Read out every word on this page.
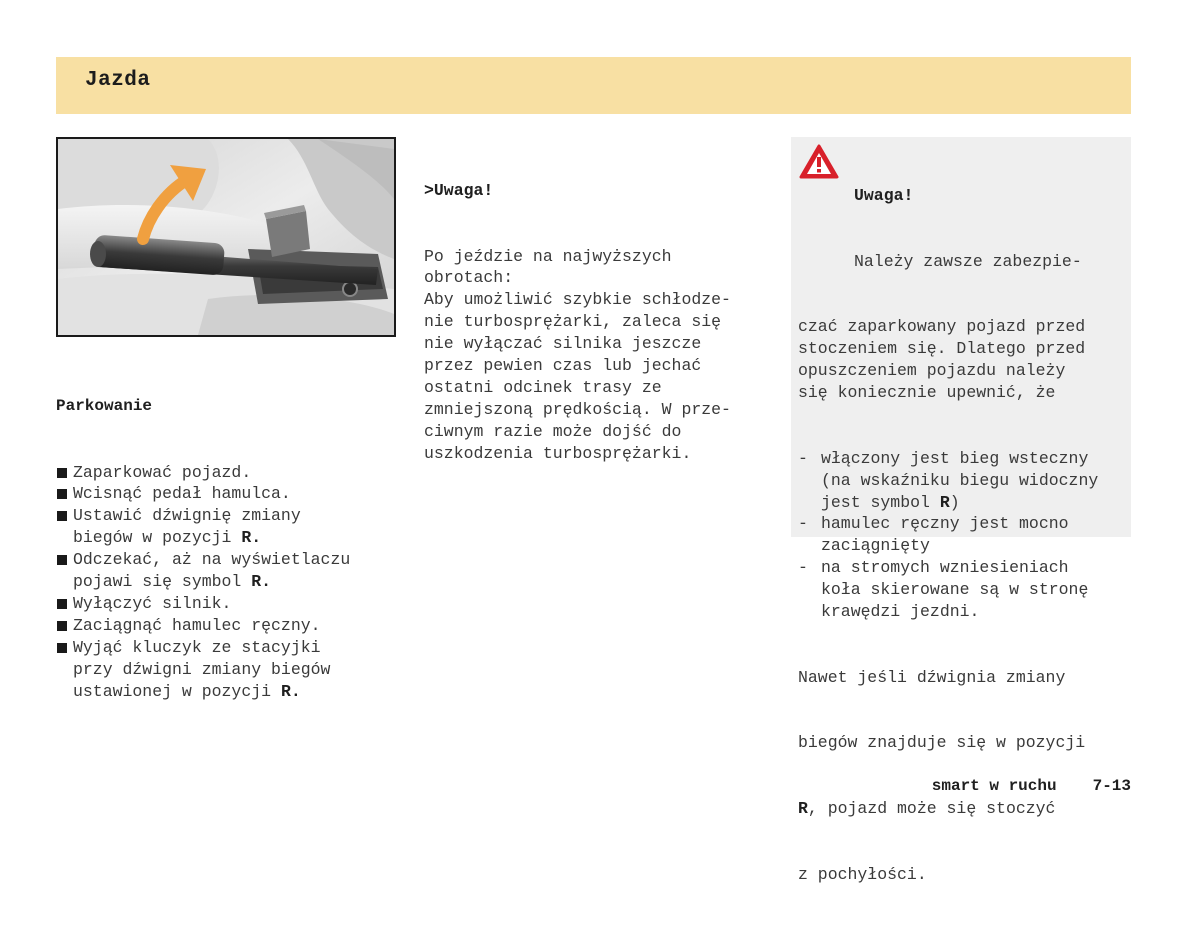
Jazda

Parkowanie

Zaparkować pojazd.
Wcisnąć pedał hamulca.
Ustawić dźwignię zmiany
biegów w pozycji R.
Odczekać, aż na wyświetlaczu
pojawi się symbol R.
Wyłączyć silnik.
Zaciągnąć hamulec ręczny.
Wyjąć kluczyk ze stacyjki
przy dźwigni zmiany biegów
ustawionej w pozycji R.

>Uwaga!

Po jeździe na najwyższych
obrotach:
Aby umożliwić szybkie schłodze-
nie turbosprężarki, zaleca się
nie wyłączać silnika jeszcze
przez pewien czas lub jechać
ostatni odcinek trasy ze
zmniejszoną prędkością. W prze-
ciwnym razie może dojść do
uszkodzenia turbosprężarki.

Uwaga!

Należy zawsze zabezpie-

czać zaparkowany pojazd przed
stoczeniem się. Dlatego przed
opuszczeniem pojazdu należy
się koniecznie upewnić, że

- włączony jest bieg wsteczny
(na wskaźniku biegu widoczny
jest symbol R)
- hamulec ręczny jest mocno
zaciągnięty
- na stromych wzniesieniach
koła skierowane są w stronę
krawędzi jezdni.

Nawet jeśli dźwignia zmiany

biegów znajduje się w pozycji

R, pojazd może się stoczyć

z pochyłości.

smart w ruchu 7-13
